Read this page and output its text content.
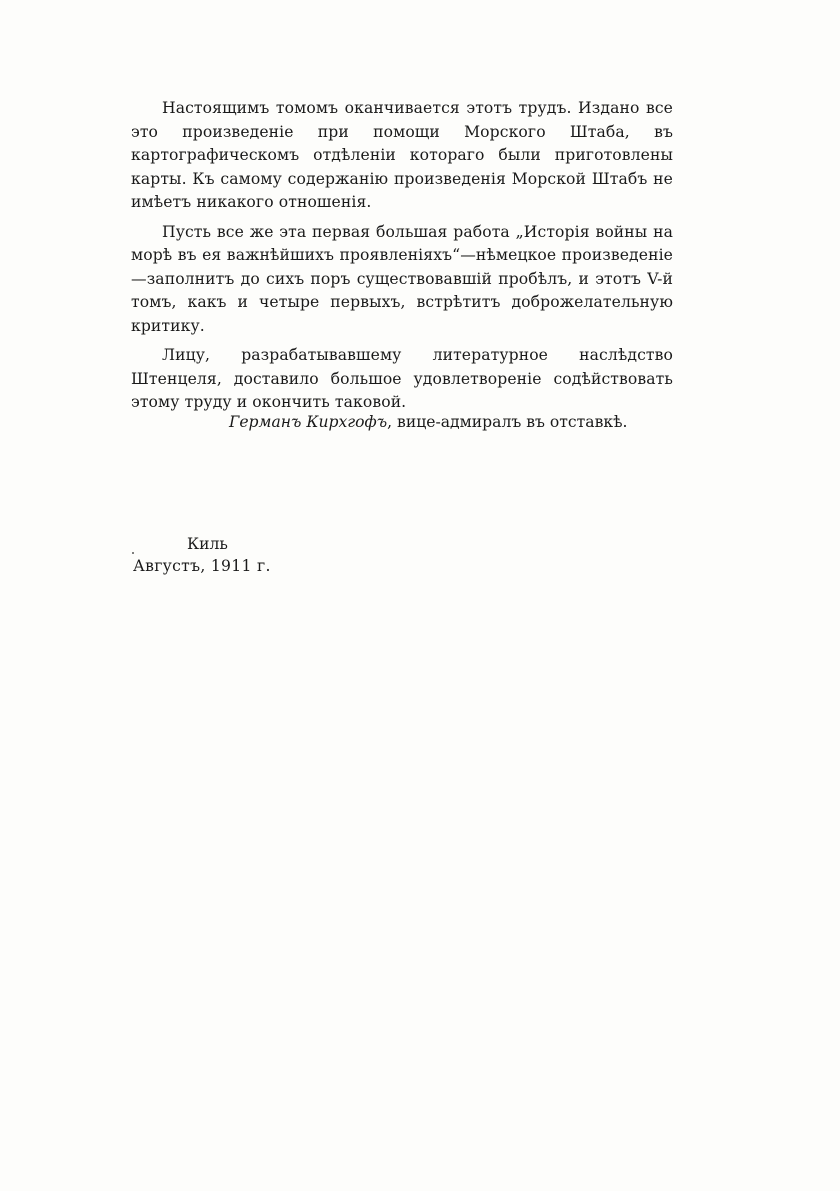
Настоящимъ томомъ оканчивается этотъ трудъ. Издано все это произведеніе при помощи Морского Штаба, въ картографическомъ отдѣленіи котораго были приготовлены карты. Къ самому содержанію произведенія Морской Штабъ не имѣетъ никакого отношенія.

Пусть все же эта первая большая работа „Исторія войны на морѣ въ ея важнѣйшихъ проявленіяхъ“—нѣмецкое произведеніе—заполнитъ до сихъ поръ существовавшій пробѣлъ, и этотъ V-й томъ, какъ и четыре первыхъ, встрѣтитъ доброжелательную критику.

Лицу, разрабатывавшему литературное наслѣдство Штенцеля, доставило большое удовлетвореніе содѣйствовать этому труду и окончить таковой.

Германъ Кирхгофъ, вице-адмиралъ въ отставкѣ.
Киль
Августъ, 1911 г.
